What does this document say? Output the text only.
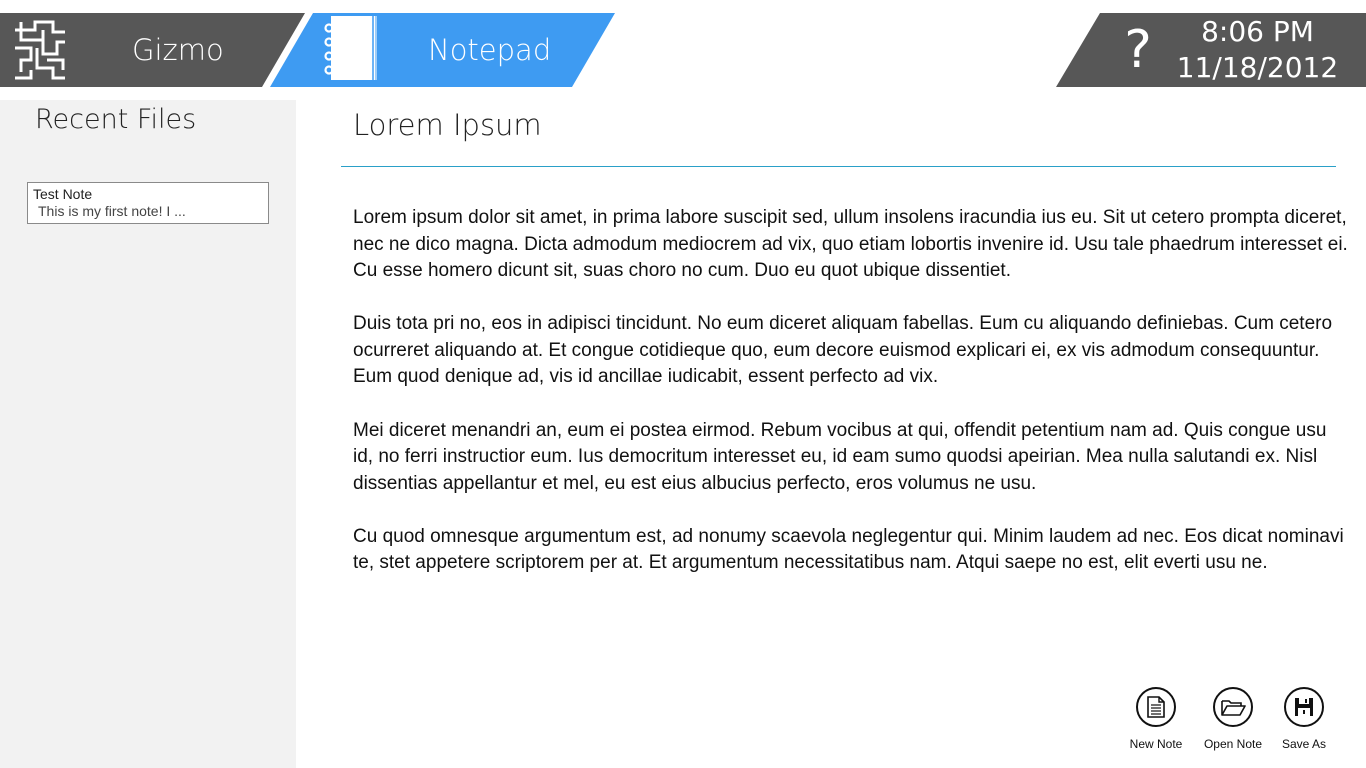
Gizmo	Notepad	?	8:06 PM
11/18/2012
Recent Files
Test Note
This is my first note! I ...
Lorem Ipsum

Lorem ipsum dolor sit amet, in prima labore suscipit sed, ullum insolens iracundia ius eu. Sit ut cetero prompta diceret, nec ne dico magna. Dicta admodum mediocrem ad vix, quo etiam lobortis invenire id. Usu tale phaedrum interesset ei. Cu esse homero dicunt sit, suas choro no cum. Duo eu quot ubique dissentiet.

Duis tota pri no, eos in adipisci tincidunt. No eum diceret aliquam fabellas. Eum cu aliquando definiebas. Cum cetero ocurreret aliquando at. Et congue cotidieque quo, eum decore euismod explicari ei, ex vis admodum consequuntur. Eum quod denique ad, vis id ancillae iudicabit, essent perfecto ad vix.

Mei diceret menandri an, eum ei postea eirmod. Rebum vocibus at qui, offendit petentium nam ad. Quis congue usu id, no ferri instructior eum. Ius democritum interesset eu, id eam sumo quodsi apeirian. Mea nulla salutandi ex. Nisl dissentias appellantur et mel, eu est eius albucius perfecto, eros volumus ne usu.

Cu quod omnesque argumentum est, ad nonumy scaevola neglegentur qui. Minim laudem ad nec. Eos dicat nominavi te, stet appetere scriptorem per at. Et argumentum necessitatibus nam. Atqui saepe no est, elit everti usu ne.

New Note	Open Note	Save As
